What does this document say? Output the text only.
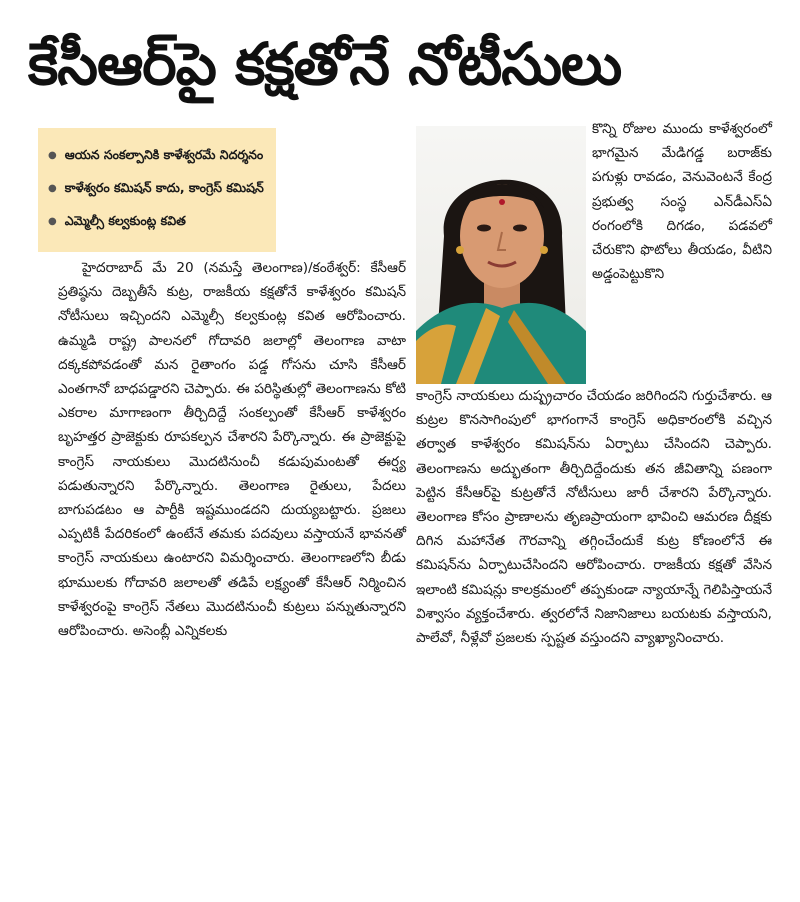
కేసీఆర్‌పై కక్షతోనే నోటీసులు
● ఆయన సంకల్పానికి కాళేశ్వరమే నిదర్శనం
● కాళేశ్వరం కమిషన్ కాదు, కాంగ్రెస్ కమిషన్
● ఎమ్మెల్సీ కల్వకుంట్ల కవిత

హైదరాబాద్ మే 20 (నమస్తే తెలంగాణ)/కంఠేశ్వర్: కేసీఆర్ ప్రతిష్ఠను దెబ్బతీసే కుట్ర, రాజకీయ కక్షతోనే కాళేశ్వరం కమిషన్ నోటీసులు ఇచ్చిందని ఎమ్మెల్సీ కల్వకుంట్ల కవిత ఆరోపించారు. ఉమ్మడి రాష్ట్ర పాలనలో గోదావరి జలాల్లో తెలంగాణ వాటా దక్కకపోవడంతో మన రైతాంగం పడ్డ గోసను చూసి కేసీఆర్ ఎంతగానో బాధపడ్డారని చెప్పారు. ఈ పరిస్థితుల్లో తెలంగాణను కోటి ఎకరాల మాగాణంగా తీర్చిదిద్దే సంకల్పంతో కేసీఆర్ కాళేశ్వరం బృహత్తర ప్రాజెక్టుకు రూపకల్పన చేశారని పేర్కొన్నారు. ఈ ప్రాజెక్టుపై కాంగ్రెస్ నాయకులు మొదటినుంచీ కడుపుమంటతో ఈర్ష్య పడుతున్నారని పేర్కొన్నారు. తెలంగాణ రైతులు, పేదలు బాగుపడటం ఆ పార్టీకి ఇష్టముండదని దుయ్యబట్టారు. ప్రజలు ఎప్పటికీ పేదరికంలో ఉంటేనే తమకు పదవులు వస్తాయనే భావనతో కాంగ్రెస్ నాయకులు ఉంటారని విమర్శించారు. తెలంగాణలోని బీడు భూములకు గోదావరి జలాలతో తడిపే లక్ష్యంతో కేసీఆర్ నిర్మించిన కాళేశ్వరంపై కాంగ్రెస్ నేతలు మొదటినుంచీ కుట్రలు పన్నుతున్నారని ఆరోపించారు. అసెంబ్లీ ఎన్నికలకు

కొన్ని రోజుల ముందు కాళేశ్వరంలో భాగమైన మేడిగడ్డ బరాజ్‌కు పగుళ్లు రావడం, వెనువెంటనే కేంద్ర ప్రభుత్వ సంస్థ ఎన్‌డీఎస్‌ఏ రంగంలోకి దిగడం, పడవలో చేరుకొని ఫొటోలు తీయడం, వీటిని అడ్డంపెట్టుకొని

కాంగ్రెస్ నాయకులు దుష్ప్రచారం చేయడం జరిగిందని గుర్తుచేశారు. ఆ కుట్రల కొనసాగింపులో భాగంగానే కాంగ్రెస్ అధికారంలోకి వచ్చిన తర్వాత కాళేశ్వరం కమిషన్‌ను ఏర్పాటు చేసిందని చెప్పారు. తెలంగాణను అద్భుతంగా తీర్చిదిద్దేందుకు తన జీవితాన్ని పణంగా పెట్టిన కేసీఆర్‌పై కుట్రతోనే నోటీసులు జారీ చేశారని పేర్కొన్నారు. తెలంగాణ కోసం ప్రాణాలను తృణప్రాయంగా భావించి ఆమరణ దీక్షకు దిగిన మహానేత గౌరవాన్ని తగ్గించేందుకే కుట్ర కోణంలోనే ఈ కమిషన్‌ను ఏర్పాటుచేసిందని ఆరోపించారు. రాజకీయ కక్షతో వేసిన ఇలాంటి కమిషన్లు కాలక్రమంలో తప్పకుండా న్యాయాన్నే గెలిపిస్తాయనే విశ్వాసం వ్యక్తంచేశారు. త్వరలోనే నిజానిజాలు బయటకు వస్తాయని, పాలేవో, నీళ్లేవో ప్రజలకు స్పష్టత వస్తుందని వ్యాఖ్యానించారు.
